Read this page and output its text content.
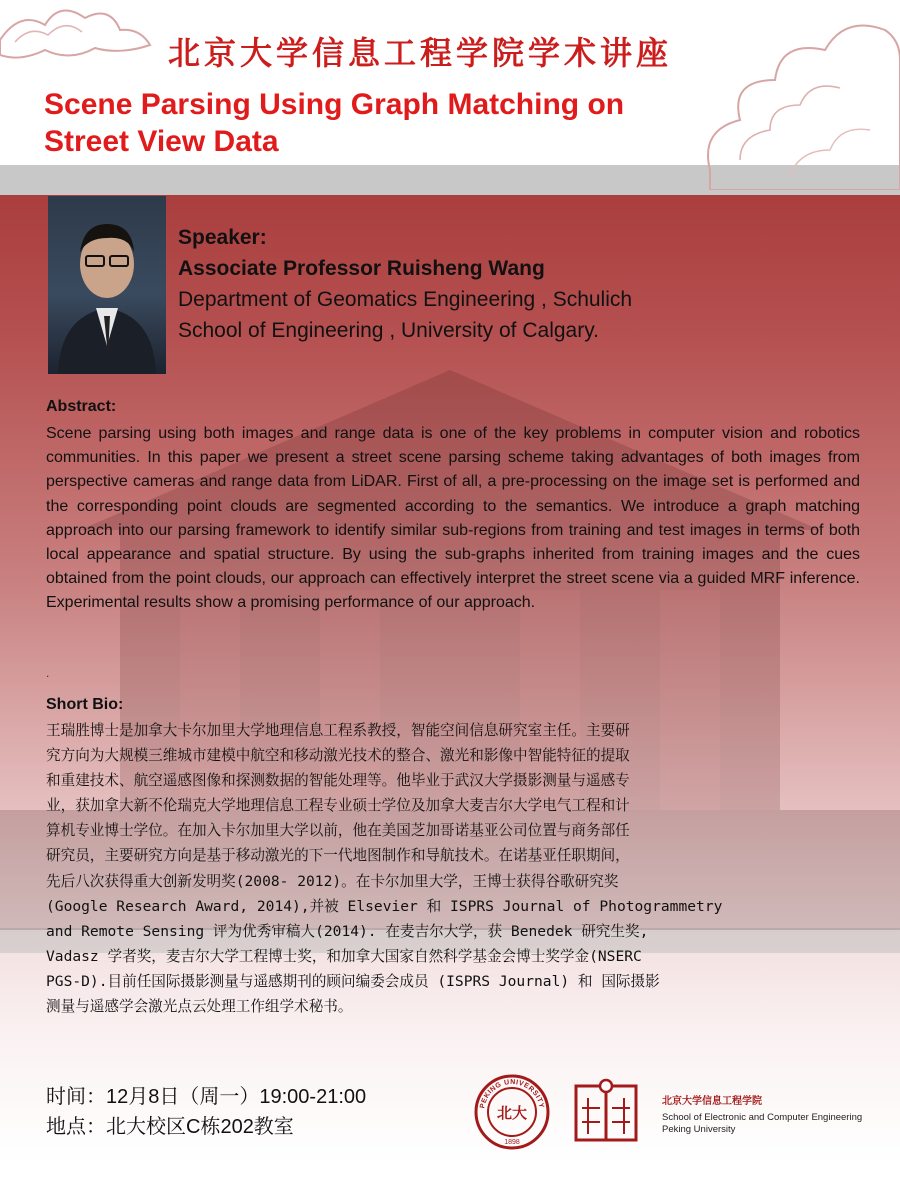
北京大学信息工程学院学术讲座
Scene Parsing Using Graph Matching on
Street View Data
Speaker:
Associate Professor Ruisheng Wang
Department of Geomatics Engineering , Schulich
School of Engineering , University of Calgary.
Abstract:
Scene parsing using both images and range data is one of the key problems in computer vision and robotics communities. In this paper we present a street scene parsing scheme taking advantages of both images from perspective cameras and range data from LiDAR. First of all, a pre-processing on the image set is performed and the corresponding point clouds are segmented according to the semantics. We introduce a graph matching approach into our parsing framework to identify similar sub-regions from training and test images in terms of both local appearance and spatial structure. By using the sub-graphs inherited from training images and the cues obtained from the point clouds, our approach can effectively interpret the street scene via a guided MRF inference. Experimental results show a promising performance of our approach.
.
Short Bio:
王瑞胜博士是加拿大卡尔加里大学地理信息工程系教授，智能空间信息研究室主任。主要研
究方向为大规模三维城市建模中航空和移动激光技术的整合、激光和影像中智能特征的提取
和重建技术、航空遥感图像和探测数据的智能处理等。他毕业于武汉大学摄影测量与遥感专
业，获加拿大新不伦瑞克大学地理信息工程专业硕士学位及加拿大麦吉尔大学电气工程和计
算机专业博士学位。在加入卡尔加里大学以前，他在美国芝加哥诺基亚公司位置与商务部任
研究员，主要研究方向是基于移动激光的下一代地图制作和导航技术。在诺基亚任职期间，
先后八次获得重大创新发明奖(2008- 2012)。在卡尔加里大学，王博士获得谷歌研究奖
(Google Research Award, 2014),并被 Elsevier 和 ISPRS Journal of Photogrammetry
and Remote Sensing 评为优秀审稿人(2014). 在麦吉尔大学，获 Benedek 研究生奖,
Vadasz 学者奖，麦吉尔大学工程博士奖，和加拿大国家自然科学基金会博士奖学金(NSERC
PGS-D).目前任国际摄影测量与遥感期刊的顾问编委会成员 (ISPRS Journal) 和 国际摄影
测量与遥感学会激光点云处理工作组学术秘书。
时间：12月8日（周一）19:00-21:00
地点：北大校区C栋202教室
PEKING UNIVERSITY
1898
北大
北京大学信息工程学院
School of Electronic and Computer Engineering
Peking University
